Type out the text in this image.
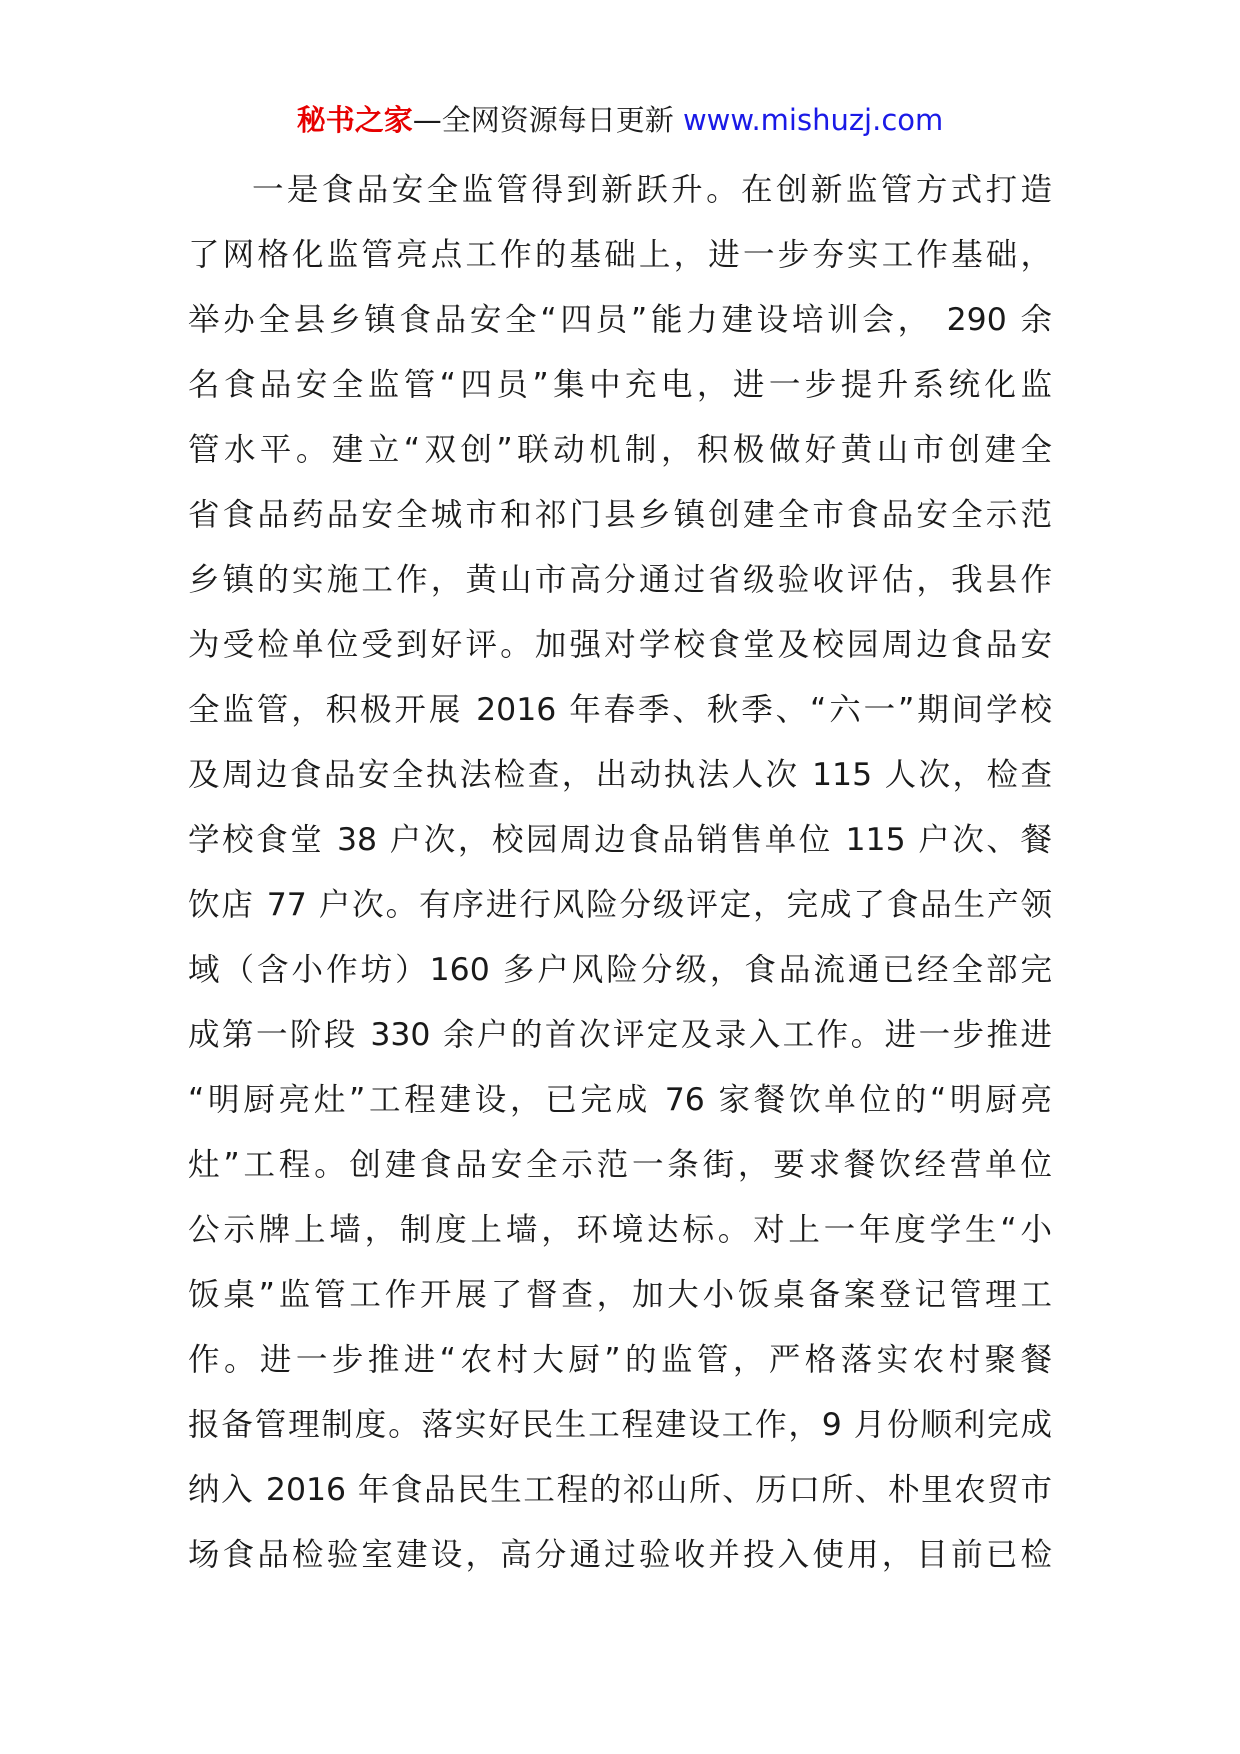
秘书之家—全网资源每日更新 www.mishuzj.com
一是食品安全监管得到新跃升。在创新监管方式打造
了网格化监管亮点工作的基础上，进一步夯实工作基础，
举办全县乡镇食品安全“四员”能力建设培训会， 290 余
名食品安全监管“四员”集中充电，进一步提升系统化监
管水平。建立“双创”联动机制，积极做好黄山市创建全
省食品药品安全城市和祁门县乡镇创建全市食品安全示范
乡镇的实施工作，黄山市高分通过省级验收评估，我县作
为受检单位受到好评。加强对学校食堂及校园周边食品安
全监管，积极开展 2016 年春季、秋季、“六一”期间学校
及周边食品安全执法检查，出动执法人次 115 人次，检查
学校食堂 38 户次，校园周边食品销售单位 115 户次、餐
饮店 77 户次。有序进行风险分级评定，完成了食品生产领
域（含小作坊）160 多户风险分级，食品流通已经全部完
成第一阶段 330 余户的首次评定及录入工作。进一步推进
“明厨亮灶”工程建设，已完成 76 家餐饮单位的“明厨亮
灶”工程。创建食品安全示范一条街，要求餐饮经营单位
公示牌上墙，制度上墙，环境达标。对上一年度学生“小
饭桌”监管工作开展了督查，加大小饭桌备案登记管理工
作。进一步推进“农村大厨”的监管，严格落实农村聚餐
报备管理制度。落实好民生工程建设工作，9 月份顺利完成
纳入 2016 年食品民生工程的祁山所、历口所、朴里农贸市
场食品检验室建设，高分通过验收并投入使用，目前已检
